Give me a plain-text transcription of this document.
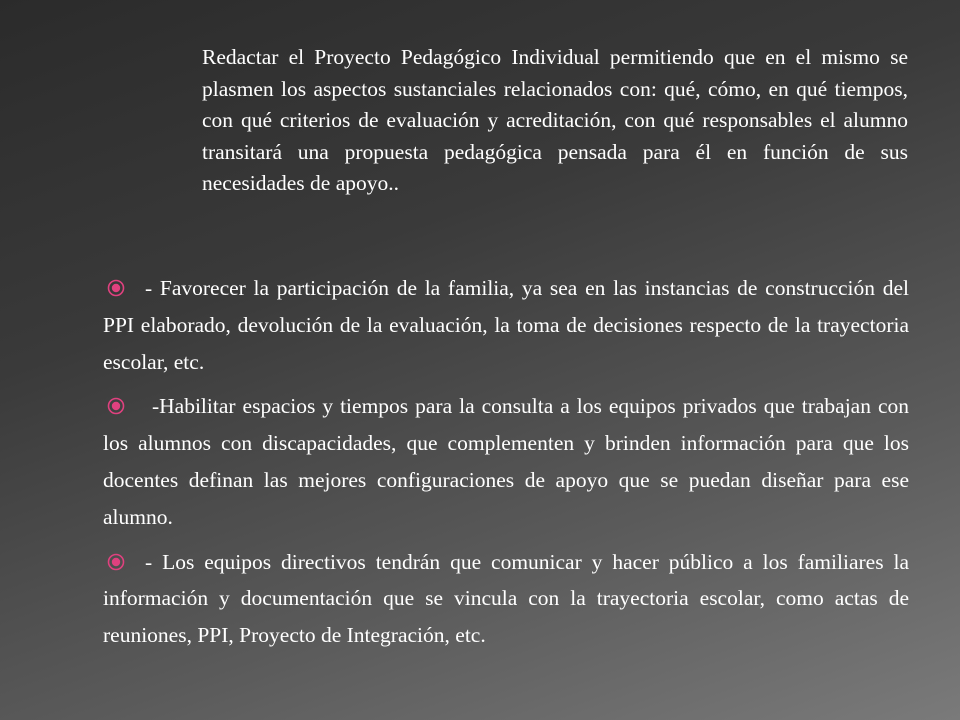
Redactar el Proyecto Pedagógico Individual permitiendo que en el mismo se plasmen los aspectos sustanciales relacionados con: qué, cómo, en qué tiempos, con qué criterios de evaluación y acreditación, con qué responsables el alumno transitará una propuesta pedagógica pensada para él en función de sus necesidades de apoyo..

- Favorecer la participación de la familia, ya sea en las instancias de construcción del PPI elaborado, devolución de la evaluación, la toma de decisiones respecto de la trayectoria escolar, etc.
-Habilitar espacios y tiempos para la consulta a los equipos privados que trabajan con los alumnos con discapacidades, que complementen y brinden información para que los docentes definan las mejores configuraciones de apoyo que se puedan diseñar para ese alumno.
- Los equipos directivos tendrán que comunicar y hacer público a los familiares la información y documentación que se vincula con la trayectoria escolar, como actas de reuniones, PPI, Proyecto de Integración, etc.
